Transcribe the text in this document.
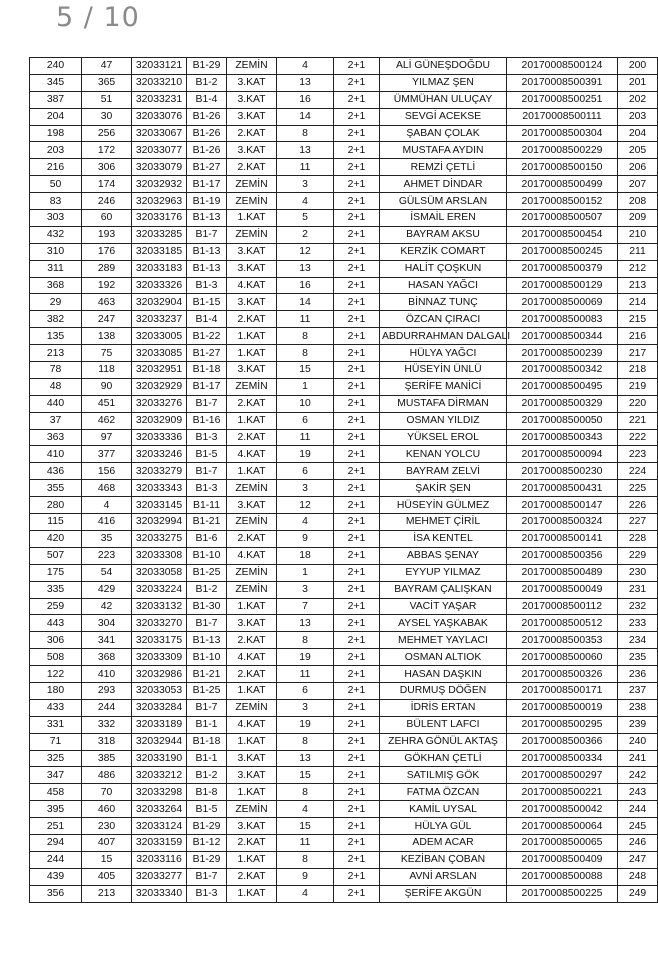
5 / 10
240	47	32033121	B1-29	ZEMİN	4	2+1	ALİ GÜNEŞDOĞDU	20170008500124	200
345	365	32033210	B1-2	3.KAT	13	2+1	YILMAZ ŞEN	20170008500391	201
387	51	32033231	B1-4	3.KAT	16	2+1	ÜMMÜHAN ULUÇAY	20170008500251	202
204	30	32033076	B1-26	3.KAT	14	2+1	SEVGİ ACEKSE	20170008500111	203
198	256	32033067	B1-26	2.KAT	8	2+1	ŞABAN ÇOLAK	20170008500304	204
203	172	32033077	B1-26	3.KAT	13	2+1	MUSTAFA AYDIN	20170008500229	205
216	306	32033079	B1-27	2.KAT	11	2+1	REMZİ ÇETLİ	20170008500150	206
50	174	32032932	B1-17	ZEMİN	3	2+1	AHMET DİNDAR	20170008500499	207
83	246	32032963	B1-19	ZEMİN	4	2+1	GÜLSÜM ARSLAN	20170008500152	208
303	60	32033176	B1-13	1.KAT	5	2+1	İSMAİL EREN	20170008500507	209
432	193	32033285	B1-7	ZEMİN	2	2+1	BAYRAM AKSU	20170008500454	210
310	176	32033185	B1-13	3.KAT	12	2+1	KERZİK COMART	20170008500245	211
311	289	32033183	B1-13	3.KAT	13	2+1	HALİT ÇOŞKUN	20170008500379	212
368	192	32033326	B1-3	4.KAT	16	2+1	HASAN YAĞCI	20170008500129	213
29	463	32032904	B1-15	3.KAT	14	2+1	BİNNAZ TUNÇ	20170008500069	214
382	247	32033237	B1-4	2.KAT	11	2+1	ÖZCAN ÇIRACI	20170008500083	215
135	138	32033005	B1-22	1.KAT	8	2+1	ABDURRAHMAN DALGALI	20170008500344	216
213	75	32033085	B1-27	1.KAT	8	2+1	HÜLYA YAĞCI	20170008500239	217
78	118	32032951	B1-18	3.KAT	15	2+1	HÜSEYİN ÜNLÜ	20170008500342	218
48	90	32032929	B1-17	ZEMİN	1	2+1	ŞERİFE MANİCİ	20170008500495	219
440	451	32033276	B1-7	2.KAT	10	2+1	MUSTAFA DİRMAN	20170008500329	220
37	462	32032909	B1-16	1.KAT	6	2+1	OSMAN YILDIZ	20170008500050	221
363	97	32033336	B1-3	2.KAT	11	2+1	YÜKSEL EROL	20170008500343	222
410	377	32033246	B1-5	4.KAT	19	2+1	KENAN YOLCU	20170008500094	223
436	156	32033279	B1-7	1.KAT	6	2+1	BAYRAM ZELVİ	20170008500230	224
355	468	32033343	B1-3	ZEMİN	3	2+1	ŞAKİR ŞEN	20170008500431	225
280	4	32033145	B1-11	3.KAT	12	2+1	HÜSEYİN GÜLMEZ	20170008500147	226
115	416	32032994	B1-21	ZEMİN	4	2+1	MEHMET ÇİRİL	20170008500324	227
420	35	32033275	B1-6	2.KAT	9	2+1	İSA KENTEL	20170008500141	228
507	223	32033308	B1-10	4.KAT	18	2+1	ABBAS ŞENAY	20170008500356	229
175	54	32033058	B1-25	ZEMİN	1	2+1	EYYUP YILMAZ	20170008500489	230
335	429	32033224	B1-2	ZEMİN	3	2+1	BAYRAM ÇALIŞKAN	20170008500049	231
259	42	32033132	B1-30	1.KAT	7	2+1	VACİT YAŞAR	20170008500112	232
443	304	32033270	B1-7	3.KAT	13	2+1	AYSEL YAŞKABAK	20170008500512	233
306	341	32033175	B1-13	2.KAT	8	2+1	MEHMET YAYLACI	20170008500353	234
508	368	32033309	B1-10	4.KAT	19	2+1	OSMAN ALTIOK	20170008500060	235
122	410	32032986	B1-21	2.KAT	11	2+1	HASAN DAŞKIN	20170008500326	236
180	293	32033053	B1-25	1.KAT	6	2+1	DURMUŞ DÖĞEN	20170008500171	237
433	244	32033284	B1-7	ZEMİN	3	2+1	İDRİS ERTAN	20170008500019	238
331	332	32033189	B1-1	4.KAT	19	2+1	BÜLENT LAFCI	20170008500295	239
71	318	32032944	B1-18	1.KAT	8	2+1	ZEHRA GÖNÜL AKTAŞ	20170008500366	240
325	385	32033190	B1-1	3.KAT	13	2+1	GÖKHAN ÇETLİ	20170008500334	241
347	486	32033212	B1-2	3.KAT	15	2+1	SATILMIŞ GÖK	20170008500297	242
458	70	32033298	B1-8	1.KAT	8	2+1	FATMA ÖZCAN	20170008500221	243
395	460	32033264	B1-5	ZEMİN	4	2+1	KAMİL UYSAL	20170008500042	244
251	230	32033124	B1-29	3.KAT	15	2+1	HÜLYA GÜL	20170008500064	245
294	407	32033159	B1-12	2.KAT	11	2+1	ADEM ACAR	20170008500065	246
244	15	32033116	B1-29	1.KAT	8	2+1	KEZİBAN ÇOBAN	20170008500409	247
439	405	32033277	B1-7	2.KAT	9	2+1	AVNİ ARSLAN	20170008500088	248
356	213	32033340	B1-3	1.KAT	4	2+1	ŞERİFE AKGÜN	20170008500225	249
